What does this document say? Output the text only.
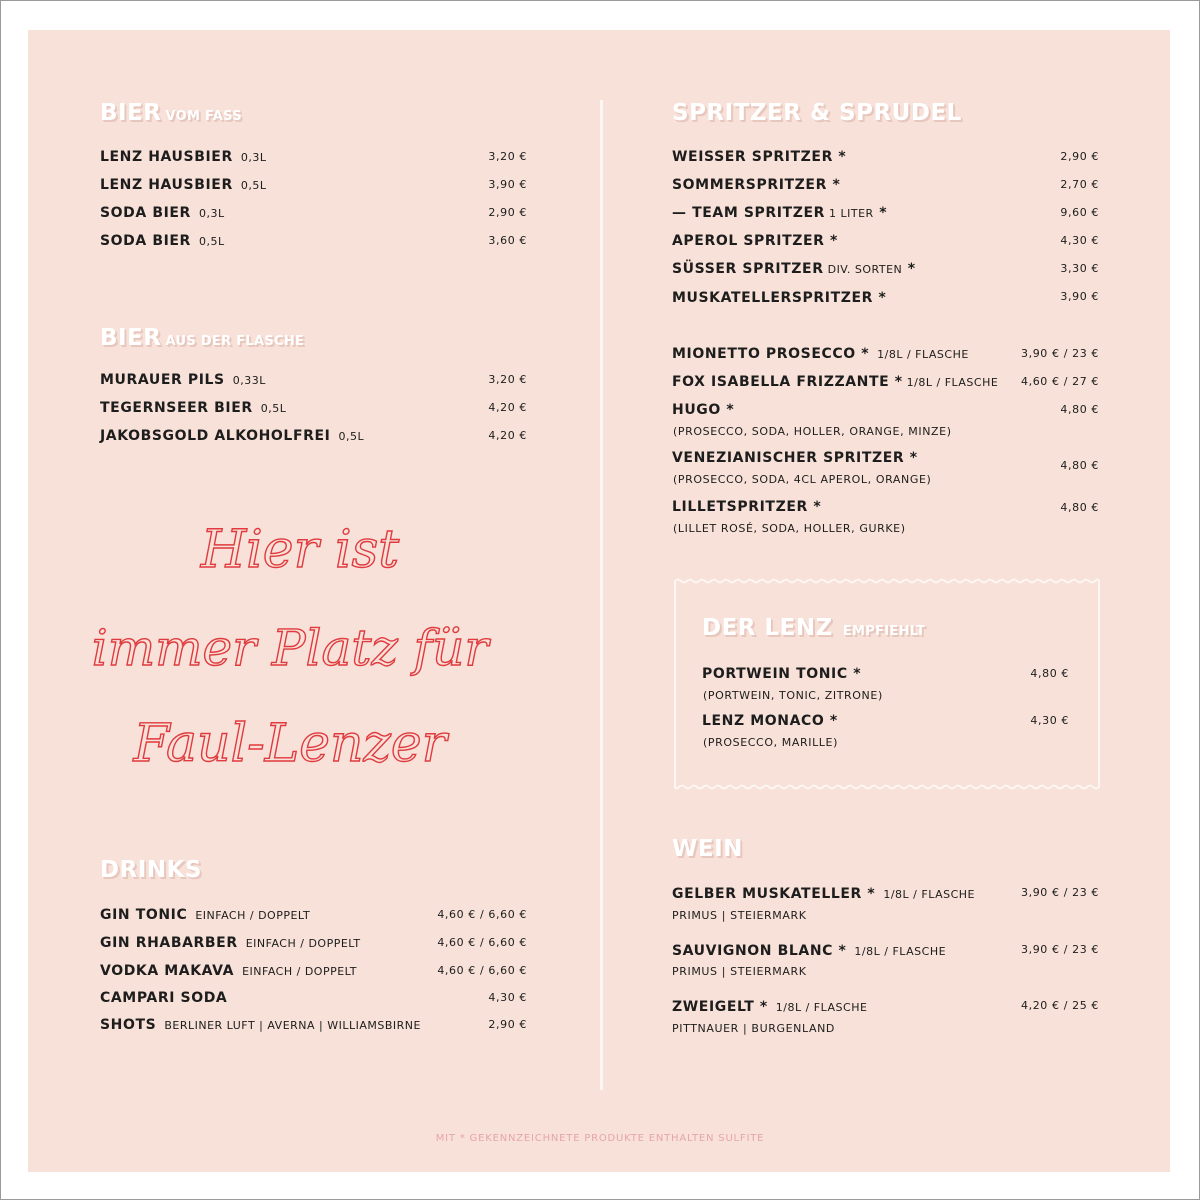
BIER VOM FASS
LENZ HAUSBIER 0,3L	3,20 €
LENZ HAUSBIER 0,5L	3,90 €
SODA BIER 0,3L	2,90 €
SODA BIER 0,5L	3,60 €
BIER AUS DER FLASCHE
MURAUER PILS 0,33L	3,20 €
TEGERNSEER BIER 0,5L	4,20 €
JAKOBSGOLD ALKOHOLFREI 0,5L	4,20 €
Hier ist
immer Platz für
Faul-Lenzer
DRINKS
GIN TONIC EINFACH / DOPPELT	4,60 € / 6,60 €
GIN RHABARBER EINFACH / DOPPELT	4,60 € / 6,60 €
VODKA MAKAVA EINFACH / DOPPELT	4,60 € / 6,60 €
CAMPARI SODA	4,30 €
SHOTS BERLINER LUFT | AVERNA | WILLIAMSBIRNE	2,90 €
SPRITZER & SPRUDEL
WEISSER SPRITZER *	2,90 €
SOMMERSPRITZER *	2,70 €
— TEAM SPRITZER 1 LITER *	9,60 €
APEROL SPRITZER *	4,30 €
SÜSSER SPRITZER DIV. SORTEN *	3,30 €
MUSKATELLERSPRITZER *	3,90 €
MIONETTO PROSECCO * 1/8L / FLASCHE	3,90 € / 23 €
FOX ISABELLA FRIZZANTE * 1/8L / FLASCHE 4,60 € / 27 €
HUGO *	4,80 €
(PROSECCO, SODA, HOLLER, ORANGE, MINZE)
VENEZIANISCHER SPRITZER *	4,80 €
(PROSECCO, SODA, 4CL APEROL, ORANGE)
LILLETSPRITZER *	4,80 €
(LILLET ROSÉ, SODA, HOLLER, GURKE)
DER LENZ EMPFIEHLT
PORTWEIN TONIC *	4,80 €
(PORTWEIN, TONIC, ZITRONE)
LENZ MONACO *	4,30 €
(PROSECCO, MARILLE)
WEIN
GELBER MUSKATELLER * 1/8L / FLASCHE	3,90 € / 23 €
PRIMUS | STEIERMARK
SAUVIGNON BLANC * 1/8L / FLASCHE	3,90 € / 23 €
PRIMUS | STEIERMARK
ZWEIGELT * 1/8L / FLASCHE	4,20 € / 25 €
PITTNAUER | BURGENLAND
MIT * GEKENNZEICHNETE PRODUKTE ENTHALTEN SULFITE
